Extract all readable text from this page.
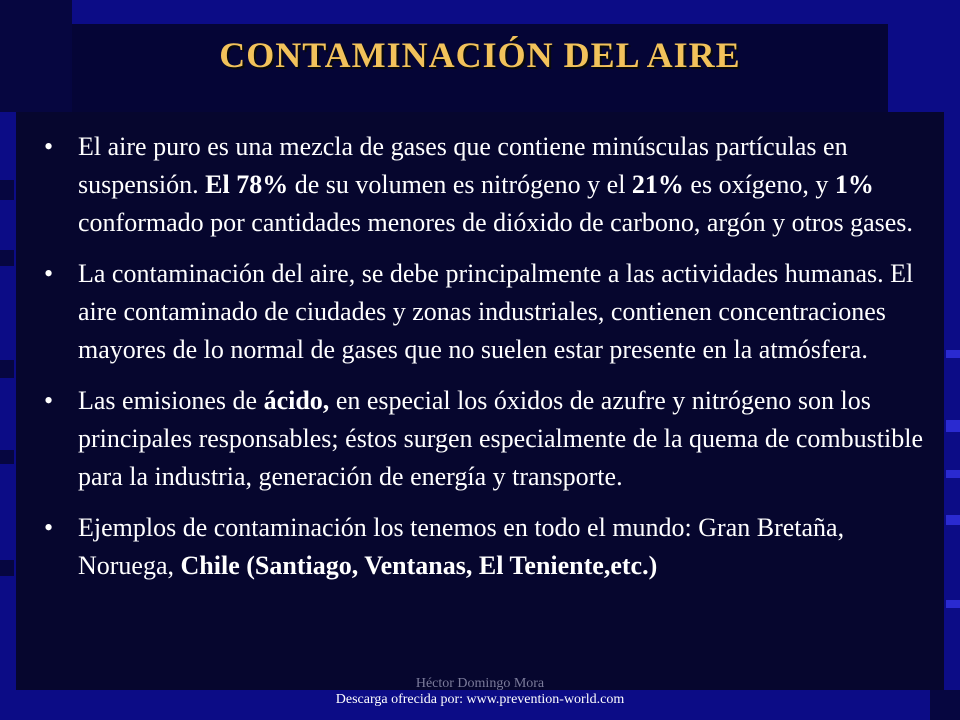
CONTAMINACIÓN DEL AIRE
• El aire puro es una mezcla de gases que contiene minúsculas partículas en suspensión. El 78% de su volumen es nitrógeno y el 21% es oxígeno, y 1% conformado por cantidades menores de dióxido de carbono, argón y otros gases.
• La contaminación del aire, se debe principalmente a las actividades humanas. El aire contaminado de ciudades y zonas industriales, contienen concentraciones mayores de lo normal de gases que no suelen estar presente en la atmósfera.
• Las emisiones de ácido, en especial los óxidos de azufre y nitrógeno son los principales responsables; éstos surgen especialmente de la quema de combustible para la industria, generación de energía y transporte.
• Ejemplos de contaminación los tenemos en todo el mundo: Gran Bretaña, Noruega, Chile (Santiago, Ventanas, El Teniente,etc.)
Héctor Domingo Mora
Descarga ofrecida por: www.prevention-world.com
